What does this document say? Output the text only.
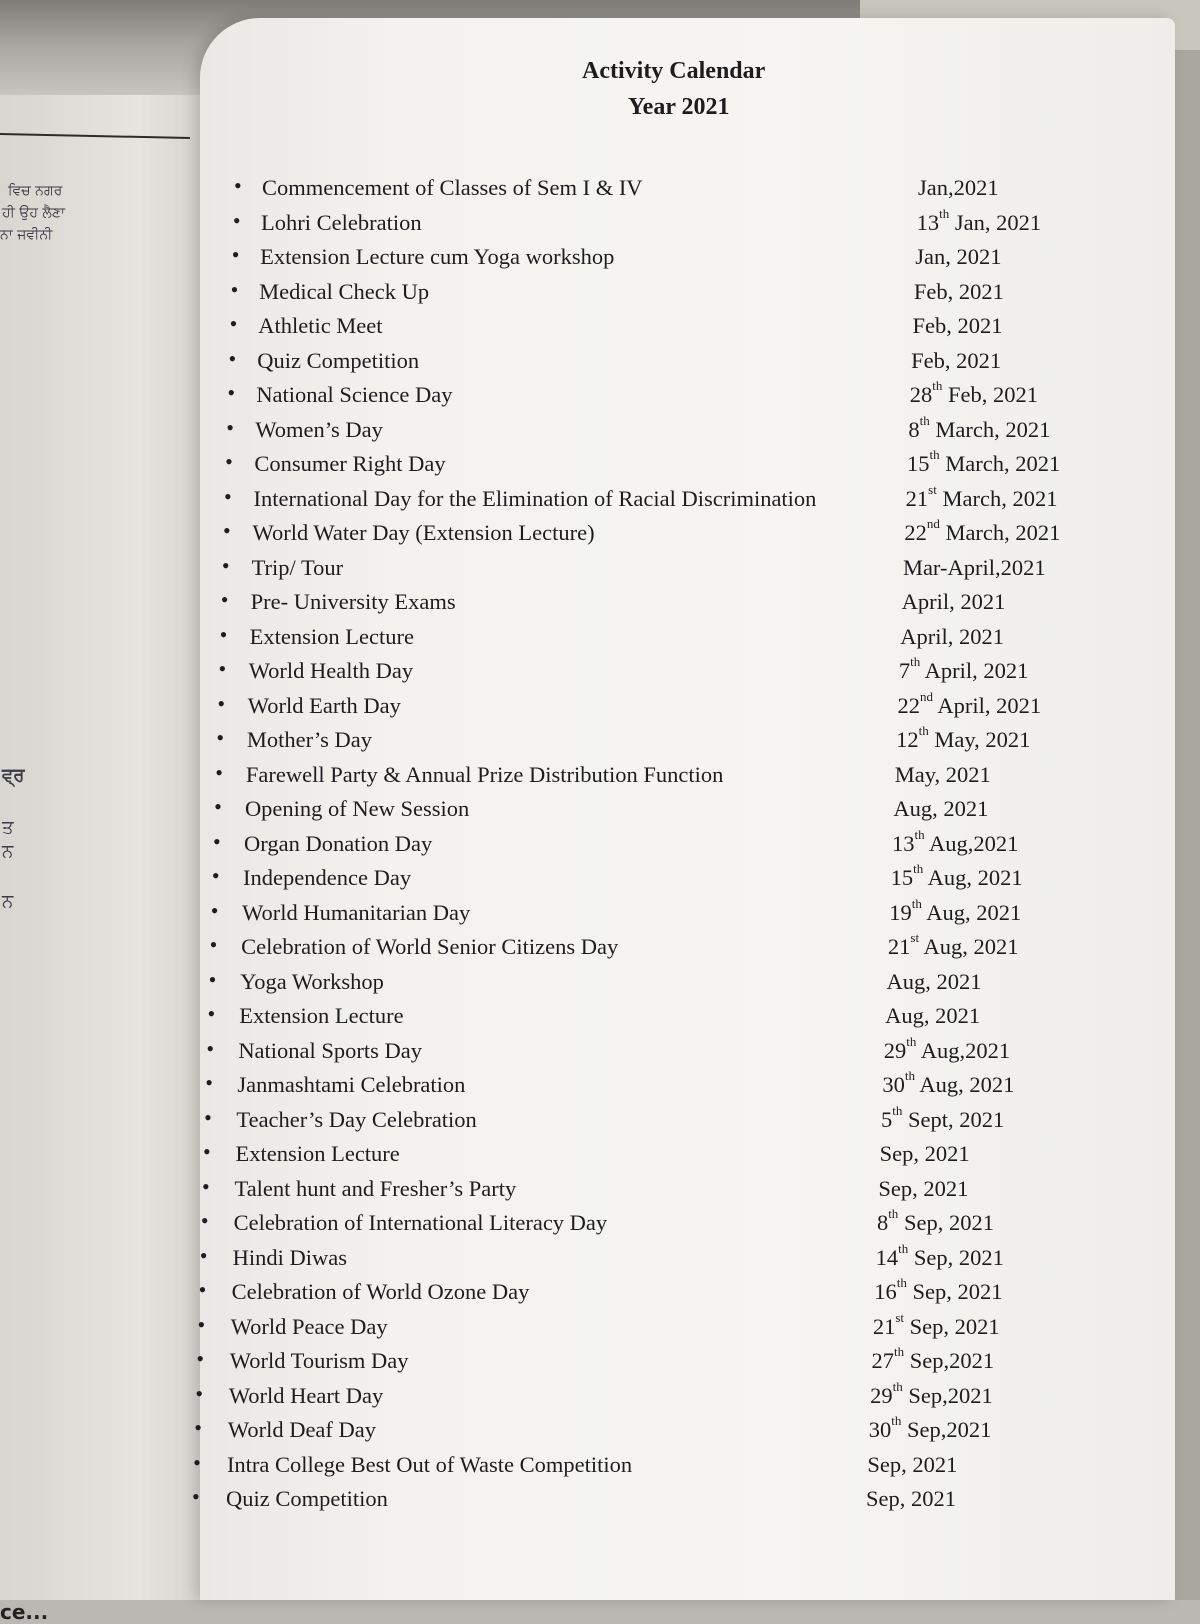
ਵਿਚ ਨਗਰ
ਹੀ ਉਹ ਲੈਣਾ
ਨਾ ਜਵੀਨੀ
ਵ੍ਰ
ਤ
ਨ
ਨ
ce...
Activity Calendar
Year 2021
• Commencement of Classes of Sem I & IV	Jan,2021
• Lohri Celebration	13th Jan, 2021
• Extension Lecture cum Yoga workshop	Jan, 2021
• Medical Check Up	Feb, 2021
• Athletic Meet	Feb, 2021
• Quiz Competition	Feb, 2021
• National Science Day	28th Feb, 2021
• Women’s Day	8th March, 2021
• Consumer Right Day	15th March, 2021
• International Day for the Elimination of Racial Discrimination	21st March, 2021
• World Water Day (Extension Lecture)	22nd March, 2021
• Trip/ Tour	Mar-April,2021
• Pre- University Exams	April, 2021
• Extension Lecture	April, 2021
• World Health Day	7th April, 2021
• World Earth Day	22nd April, 2021
• Mother’s Day	12th May, 2021
• Farewell Party & Annual Prize Distribution Function	May, 2021
• Opening of New Session	Aug, 2021
• Organ Donation Day	13th Aug,2021
• Independence Day	15th Aug, 2021
• World Humanitarian Day	19th Aug, 2021
• Celebration of World Senior Citizens Day	21st Aug, 2021
• Yoga Workshop	Aug, 2021
• Extension Lecture	Aug, 2021
• National Sports Day	29th Aug,2021
• Janmashtami Celebration	30th Aug, 2021
• Teacher’s Day Celebration	5th Sept, 2021
• Extension Lecture	Sep, 2021
• Talent hunt and Fresher’s Party	Sep, 2021
• Celebration of International Literacy Day	8th Sep, 2021
• Hindi Diwas	14th Sep, 2021
• Celebration of World Ozone Day	16th Sep, 2021
• World Peace Day	21st Sep, 2021
• World Tourism Day	27th Sep,2021
• World Heart Day	29th Sep,2021
• World Deaf Day	30th Sep,2021
• Intra College Best Out of Waste Competition	Sep, 2021
• Quiz Competition	Sep, 2021
